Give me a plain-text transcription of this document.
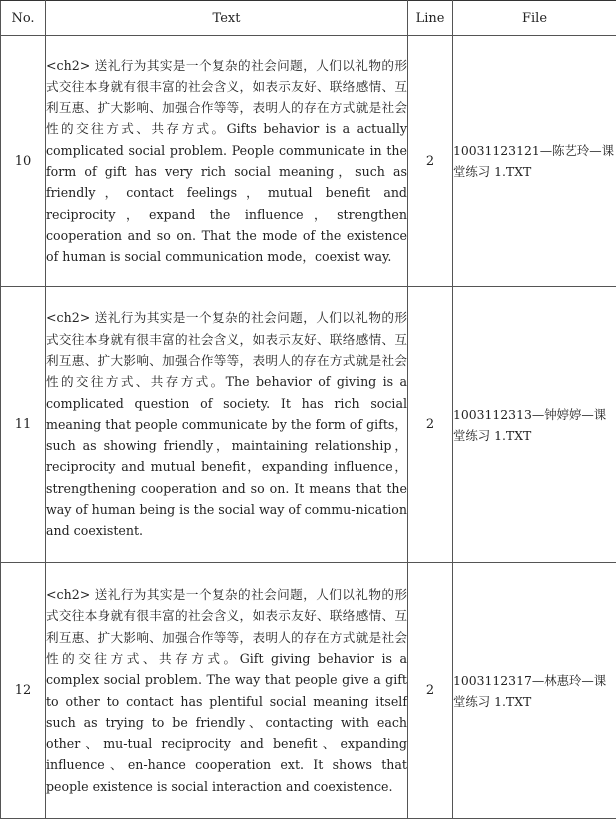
No.	Text	Line	File
10	<ch2> 送礼行为其实是一个复杂的社会问题，人们以礼物的形式交往本身就有很丰富的社会含义，如表示友好、联络感情、互利互惠、扩大影响、加强合作等等，表明人的存在方式就是社会性的交往方式、共存方式。Gifts behavior is a actually complicated social problem. People communicate in the form of gift has very rich social meaning，such as friendly，contact feelings，mutual benefit and reciprocity，expand the influence，strengthen cooperation and so on. That the mode of the existence of human is social communication mode，coexist way.	2	10031123121—陈艺玲—课堂练习 1.TXT
11	<ch2> 送礼行为其实是一个复杂的社会问题，人们以礼物的形式交往本身就有很丰富的社会含义，如表示友好、联络感情、互利互惠、扩大影响、加强合作等等，表明人的存在方式就是社会性的交往方式、共存方式。The behavior of giving is a complicated question of society. It has rich social meaning that people communicate by the form of gifts，such as showing friendly，maintaining relationship，reciprocity and mutual benefit，expanding influence，strengthening cooperation and so on. It means that the way of human being is the social way of commu-nication and coexistent.	2	1003112313—钟婷婷—课堂练习 1.TXT
12	<ch2> 送礼行为其实是一个复杂的社会问题，人们以礼物的形式交往本身就有很丰富的社会含义，如表示友好、联络感情、互利互惠、扩大影响、加强合作等等，表明人的存在方式就是社会性的交往方式、共存方式。Gift giving behavior is a complex social problem. The way that people give a gift to other to contact has plentiful social meaning itself such as trying to be friendly、contacting with each other、mu-tual reciprocity and benefit、expanding influence、en-hance cooperation ext. It shows that people existence is social interaction and coexistence.	2	1003112317—林惠玲—课堂练习 1.TXT
